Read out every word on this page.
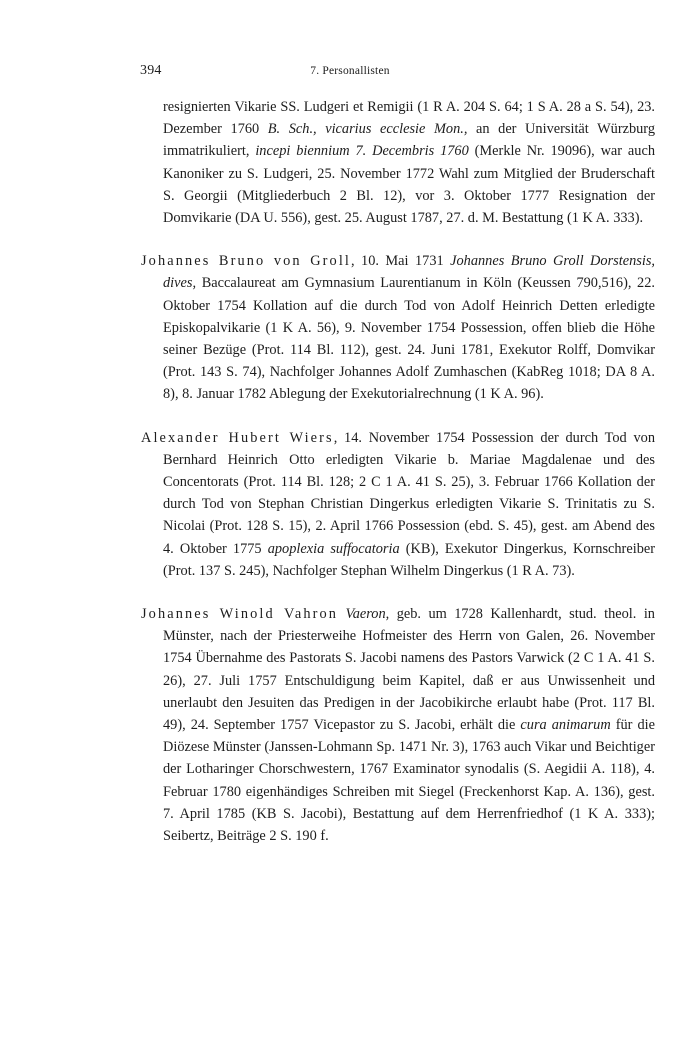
394	7. Personallisten

resignierten Vikarie SS. Ludgeri et Remigii (1 R A. 204 S. 64; 1 S A. 28 a S. 54), 23. Dezember 1760 B. Sch., vicarius ecclesie Mon., an der Universität Würzburg immatrikuliert, incepi biennium 7. Decembris 1760 (Merkle Nr. 19096), war auch Kanoniker zu S. Ludgeri, 25. November 1772 Wahl zum Mitglied der Bruderschaft S. Georgii (Mitgliederbuch 2 Bl. 12), vor 3. Oktober 1777 Resignation der Domvikarie (DA U. 556), gest. 25. August 1787, 27. d. M. Bestattung (1 K A. 333).

Johannes Bruno von Groll, 10. Mai 1731 Johannes Bruno Groll Dorstensis, dives, Baccalaureat am Gymnasium Laurentianum in Köln (Keussen 790,516), 22. Oktober 1754 Kollation auf die durch Tod von Adolf Heinrich Detten erledigte Episkopalvikarie (1 K A. 56), 9. November 1754 Possession, offen blieb die Höhe seiner Bezüge (Prot. 114 Bl. 112), gest. 24. Juni 1781, Exekutor Rolff, Domvikar (Prot. 143 S. 74), Nachfolger Johannes Adolf Zumhaschen (KabReg 1018; DA 8 A. 8), 8. Januar 1782 Ablegung der Exekutorialrechnung (1 K A. 96).

Alexander Hubert Wiers, 14. November 1754 Possession der durch Tod von Bernhard Heinrich Otto erledigten Vikarie b. Mariae Magdalenae und des Concentorats (Prot. 114 Bl. 128; 2 C 1 A. 41 S. 25), 3. Februar 1766 Kollation der durch Tod von Stephan Christian Dingerkus erledigten Vikarie S. Trinitatis zu S. Nicolai (Prot. 128 S. 15), 2. April 1766 Possession (ebd. S. 45), gest. am Abend des 4. Oktober 1775 apoplexia suffocatoria (KB), Exekutor Dingerkus, Kornschreiber (Prot. 137 S. 245), Nachfolger Stephan Wilhelm Dingerkus (1 R A. 73).

Johannes Winold Vahron Vaeron, geb. um 1728 Kallenhardt, stud. theol. in Münster, nach der Priesterweihe Hofmeister des Herrn von Galen, 26. November 1754 Übernahme des Pastorats S. Jacobi namens des Pastors Varwick (2 C 1 A. 41 S. 26), 27. Juli 1757 Entschuldigung beim Kapitel, daß er aus Unwissenheit und unerlaubt den Jesuiten das Predigen in der Jacobikirche erlaubt habe (Prot. 117 Bl. 49), 24. September 1757 Vicepastor zu S. Jacobi, erhält die cura animarum für die Diözese Münster (Janssen-Lohmann Sp. 1471 Nr. 3), 1763 auch Vikar und Beichtiger der Lotharinger Chorschwestern, 1767 Examinator synodalis (S. Aegidii A. 118), 4. Februar 1780 eigenhändiges Schreiben mit Siegel (Freckenhorst Kap. A. 136), gest. 7. April 1785 (KB S. Jacobi), Bestattung auf dem Herrenfriedhof (1 K A. 333); Seibertz, Beiträge 2 S. 190 f.
